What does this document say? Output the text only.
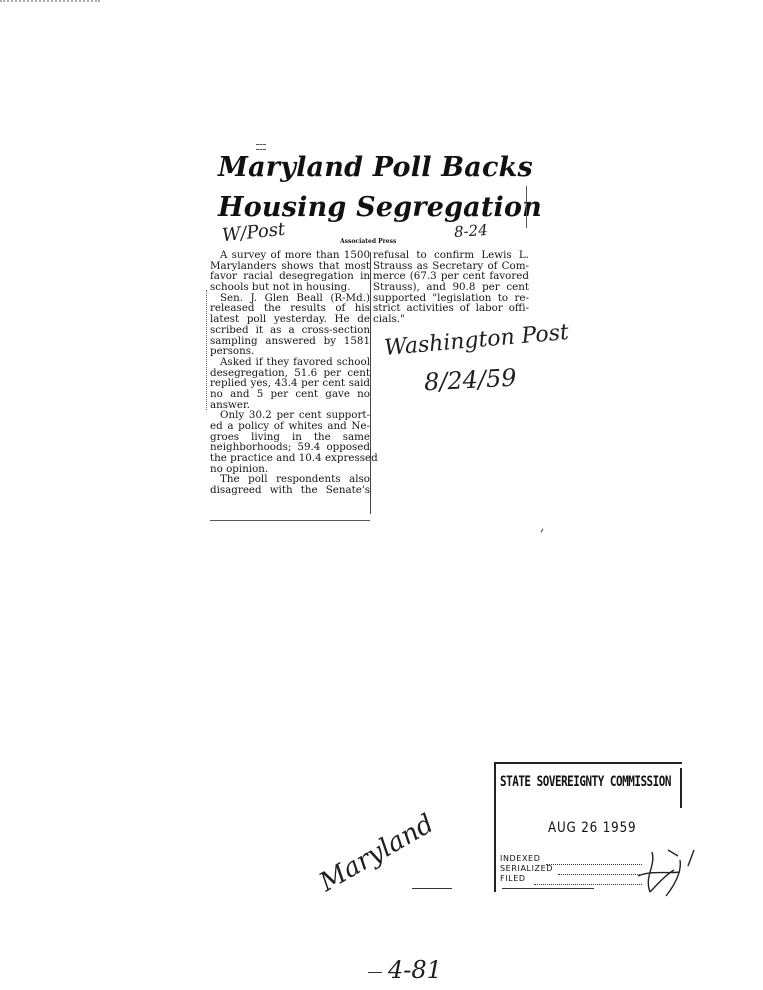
Maryland Poll Backs
Housing Segregation
W/Post	8-24
Associated Press
A survey of more than 1500
Marylanders shows that most
favor racial desegregation in
schools but not in housing.
Sen. J. Glen Beall (R-Md.)
released the results of his
latest poll yesterday. He de
scribed it as a cross-section
sampling answered by 1581
persons.
Asked if they favored school
desegregation, 51.6 per cent
replied yes, 43.4 per cent said
no and 5 per cent gave no
answer.
Only 30.2 per cent support-
ed a policy of whites and Ne-
groes living in the same
neighborhoods; 59.4 opposed
the practice and 10.4 expressed
no opinion.
The poll respondents also
disagreed with the Senate's
refusal to confirm Lewis L.
Strauss as Secretary of Com-
merce (67.3 per cent favored
Strauss), and 90.8 per cent
supported "legislation to re-
strict activities of labor offi-
cials."
Washington Post
8/24/59
STATE SOVEREIGNTY COMMISSION
AUG 26 1959
INDEXED
SERIALIZED
FILED
Maryland
4-81
